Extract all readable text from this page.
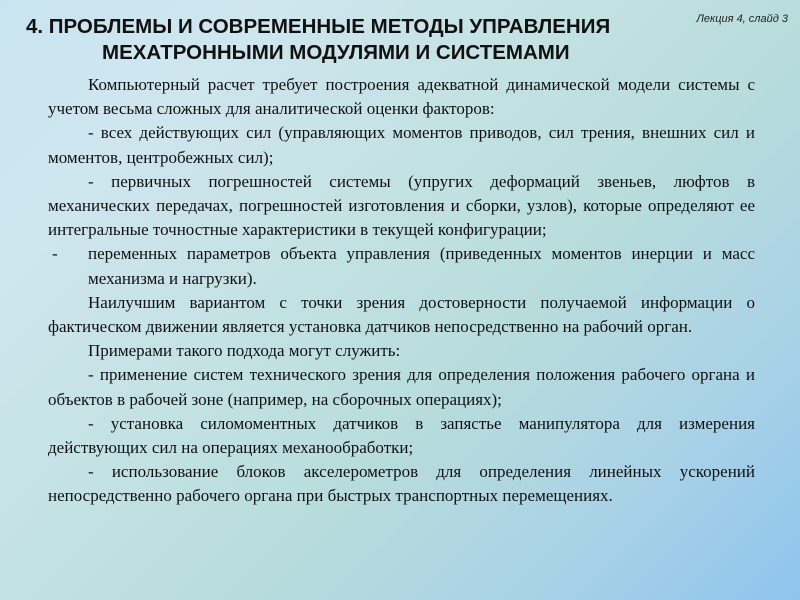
Лекция 4, слайд 3
4. ПРОБЛЕМЫ И СОВРЕМЕННЫЕ МЕТОДЫ УПРАВЛЕНИЯ
МЕХАТРОННЫМИ МОДУЛЯМИ И СИСТЕМАМИ

Компьютерный расчет требует построения адекватной динамической модели системы с учетом весьма сложных для аналитической оценки факторов:

- всех действующих сил (управляющих моментов приводов, сил трения, внешних сил и моментов, центробежных сил);

- первичных погрешностей системы (упругих деформаций звеньев, люфтов в механических передачах, погрешностей изготовления и сборки, узлов), которые определяют ее интегральные точностные характеристики в текущей конфигурации;

- переменных параметров объекта управления (приведенных моментов инерции и масс механизма и нагрузки).

Наилучшим вариантом с точки зрения достоверности получаемой информации о фактическом движении является установка датчиков непосредственно на рабочий орган.

Примерами такого подхода могут служить:

- применение систем технического зрения для определения положения рабочего органа и объектов в рабочей зоне (например, на сборочных операциях);

- установка силомоментных датчиков в запястье манипулятора для измерения действующих сил на операциях механообработки;

- использование блоков акселерометров для определения линейных ускорений непосредственно рабочего органа при быстрых транспортных перемещениях.
